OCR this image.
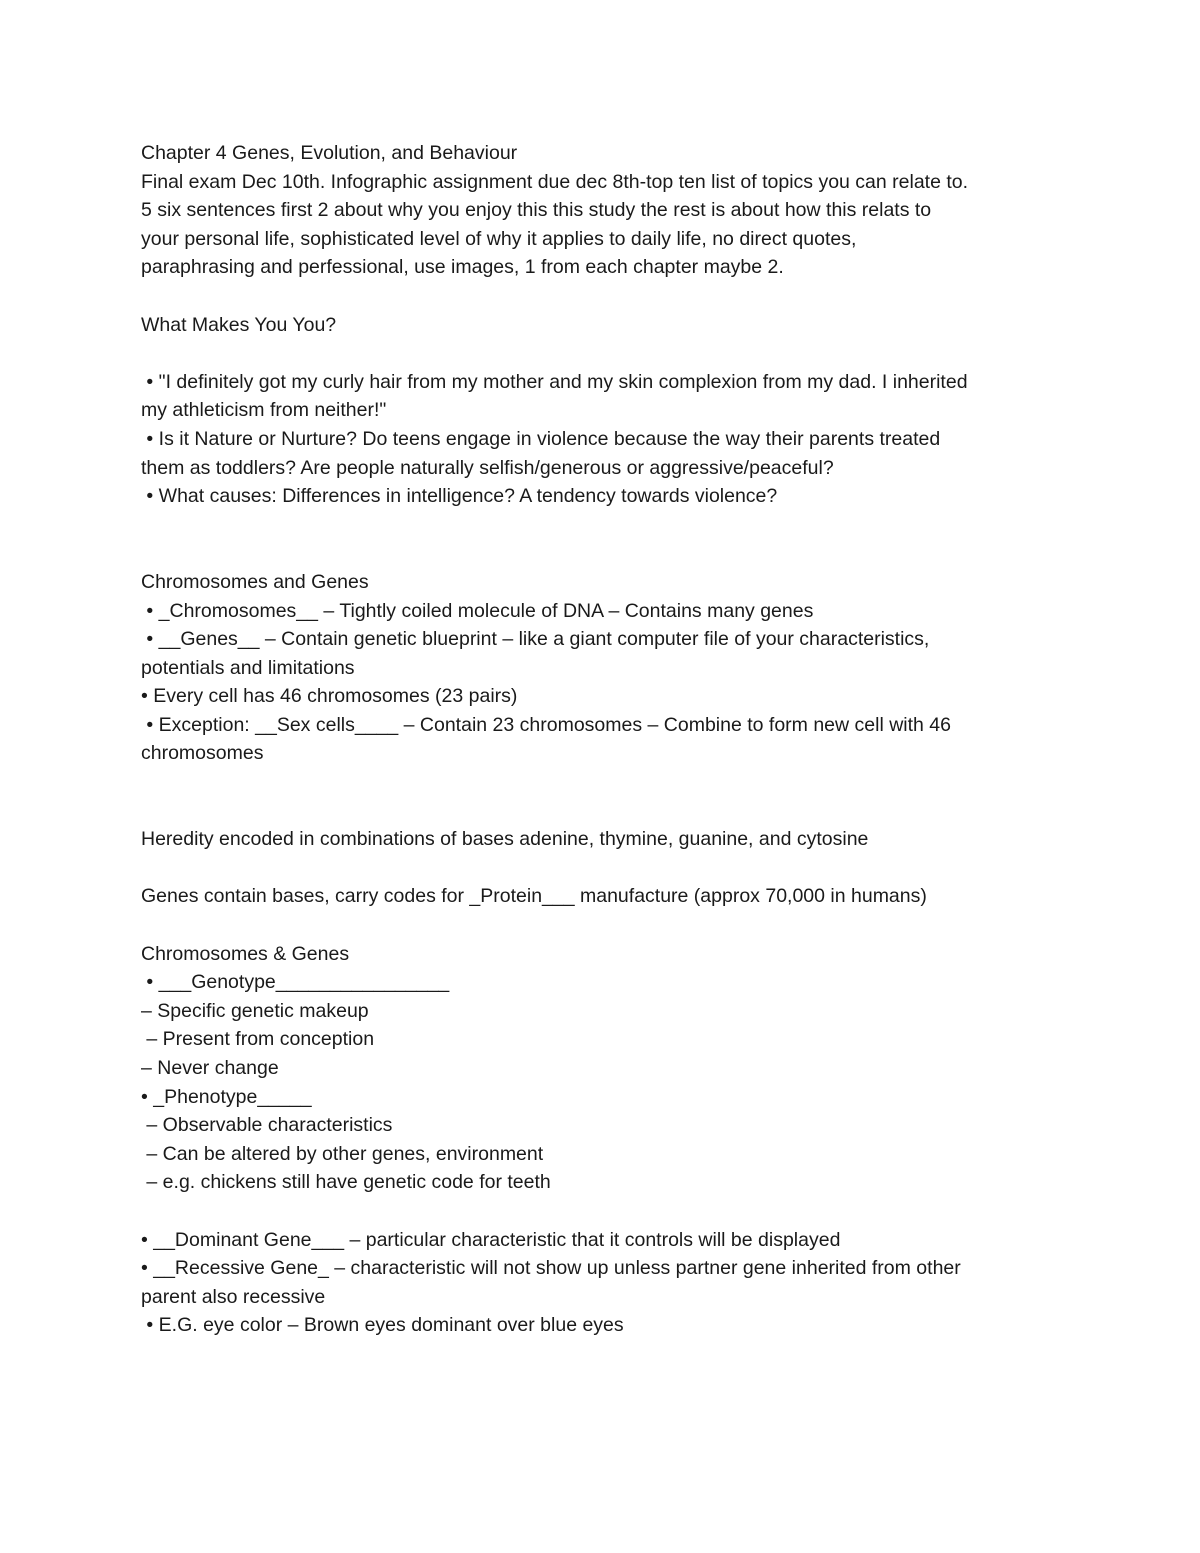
Chapter 4 Genes, Evolution, and Behaviour
Final exam Dec 10th. Infographic assignment due dec 8th-top ten list of topics you can relate to.
5 six sentences first 2 about why you enjoy this this study the rest is about how this relats to
your personal life, sophisticated level of why it applies to daily life, no direct quotes,
paraphrasing and perfessional, use images, 1 from each chapter maybe 2.
What Makes You You?
• "I definitely got my curly hair from my mother and my skin complexion from my dad. I inherited
my athleticism from neither!"
• Is it Nature or Nurture? Do teens engage in violence because the way their parents treated
them as toddlers? Are people naturally selfish/generous or aggressive/peaceful?
• What causes: Differences in intelligence? A tendency towards violence?
Chromosomes and Genes
• _Chromosomes__ – Tightly coiled molecule of DNA – Contains many genes
• __Genes__ – Contain genetic blueprint – like a giant computer file of your characteristics,
potentials and limitations
• Every cell has 46 chromosomes (23 pairs)
• Exception: __Sex cells____ – Contain 23 chromosomes – Combine to form new cell with 46
chromosomes
Heredity encoded in combinations of bases adenine, thymine, guanine, and cytosine
Genes contain bases, carry codes for _Protein___ manufacture (approx 70,000 in humans)
Chromosomes & Genes
• ___Genotype________________
– Specific genetic makeup
– Present from conception
– Never change
• _Phenotype_____
– Observable characteristics
– Can be altered by other genes, environment
– e.g. chickens still have genetic code for teeth
• __Dominant Gene___ – particular characteristic that it controls will be displayed
• __Recessive Gene_ – characteristic will not show up unless partner gene inherited from other
parent also recessive
• E.G. eye color – Brown eyes dominant over blue eyes
